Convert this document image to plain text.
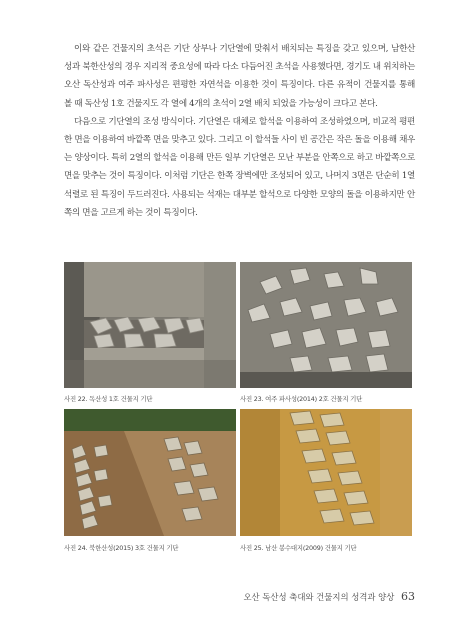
이와 같은 건물지의 초석은 기단 상부나 기단열에 맞춰서 배치되는 특징을 갖고 있으며, 남한산성과 북한산성의 경우 지리적 중요성에 따라 다소 다듬어진 초석을 사용했다면, 경기도 내 위치하는 오산 독산성과 여주 파사성은 편평한 자연석을 이용한 것이 특징이다. 다른 유적이 건물지를 통해 볼 때 독산성 1호 건물지도 각 열에 4개의 초석이 2열 배치 되었을 가능성이 크다고 본다.

다음으로 기단열의 조성 방식이다. 기단열은 대체로 할석을 이용하여 조성하였으며, 비교적 평편한 면을 이용하여 바깥쪽 면을 맞추고 있다. 그리고 이 할석들 사이 빈 공간은 작은 돌을 이용해 채우는 양상이다. 특히 2열의 할석을 이용해 만든 일부 기단열은 모난 부분을 안쪽으로 하고 바깥쪽으로 면을 맞추는 것이 특징이다. 이처럼 기단은 한쪽 장벽에만 조성되어 있고, 나머지 3면은 단순히 1열 석렬로 된 특징이 두드러진다. 사용되는 석재는 대부분 할석으로 다양한 모양의 돌을 이용하지만 안쪽의 면을 고르게 하는 것이 특징이다.

사진 22. 독산성 1호 건물지 기단	사진 23. 여주 파사성(2014) 2호 건물지 기단
사진 24. 북한산성(2015) 3호 건물지 기단	사진 25. 남산 봉수대지(2009) 건물지 기단
오산 독산성 축대와 건물지의 성격과 양상 63
